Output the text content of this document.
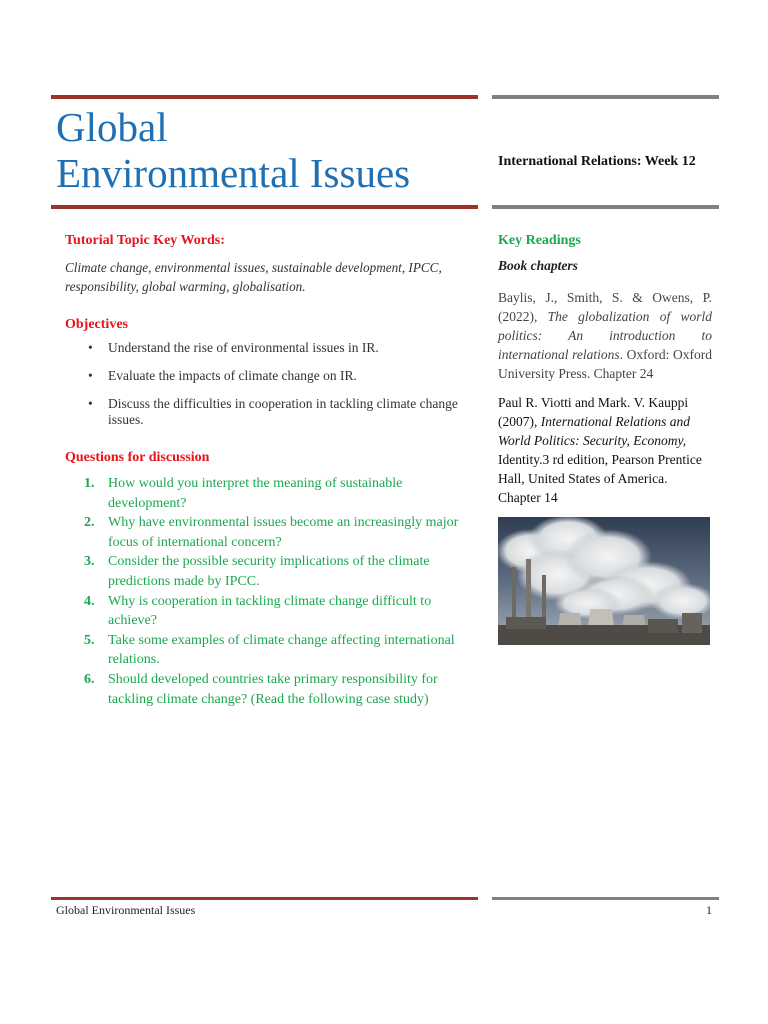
Global
Environmental Issues	International Relations: Week 12
Tutorial Topic Key Words:
Climate change, environmental issues, sustainable development, IPCC, responsibility, global warming, globalisation.
Objectives
• Understand the rise of environmental issues in IR.
• Evaluate the impacts of climate change on IR.
• Discuss the difficulties in cooperation in tackling climate change issues.
Questions for discussion
1. How would you interpret the meaning of sustainable development?
2. Why have environmental issues become an increasingly major focus of international concern?
3. Consider the possible security implications of the climate predictions made by IPCC.
4. Why is cooperation in tackling climate change difficult to achieve?
5. Take some examples of climate change affecting international relations.
6. Should developed countries take primary responsibility for tackling climate change? (Read the following case study)
Key Readings
Book chapters
Baylis, J., Smith, S. & Owens, P. (2022), The globalization of world politics: An introduction to international relations. Oxford: Oxford University Press. Chapter 24
Paul R. Viotti and Mark. V. Kauppi (2007), International Relations and World Politics: Security, Economy, Identity.3 rd edition, Pearson Prentice Hall, United States of America. Chapter 14
Global Environmental Issues	1
